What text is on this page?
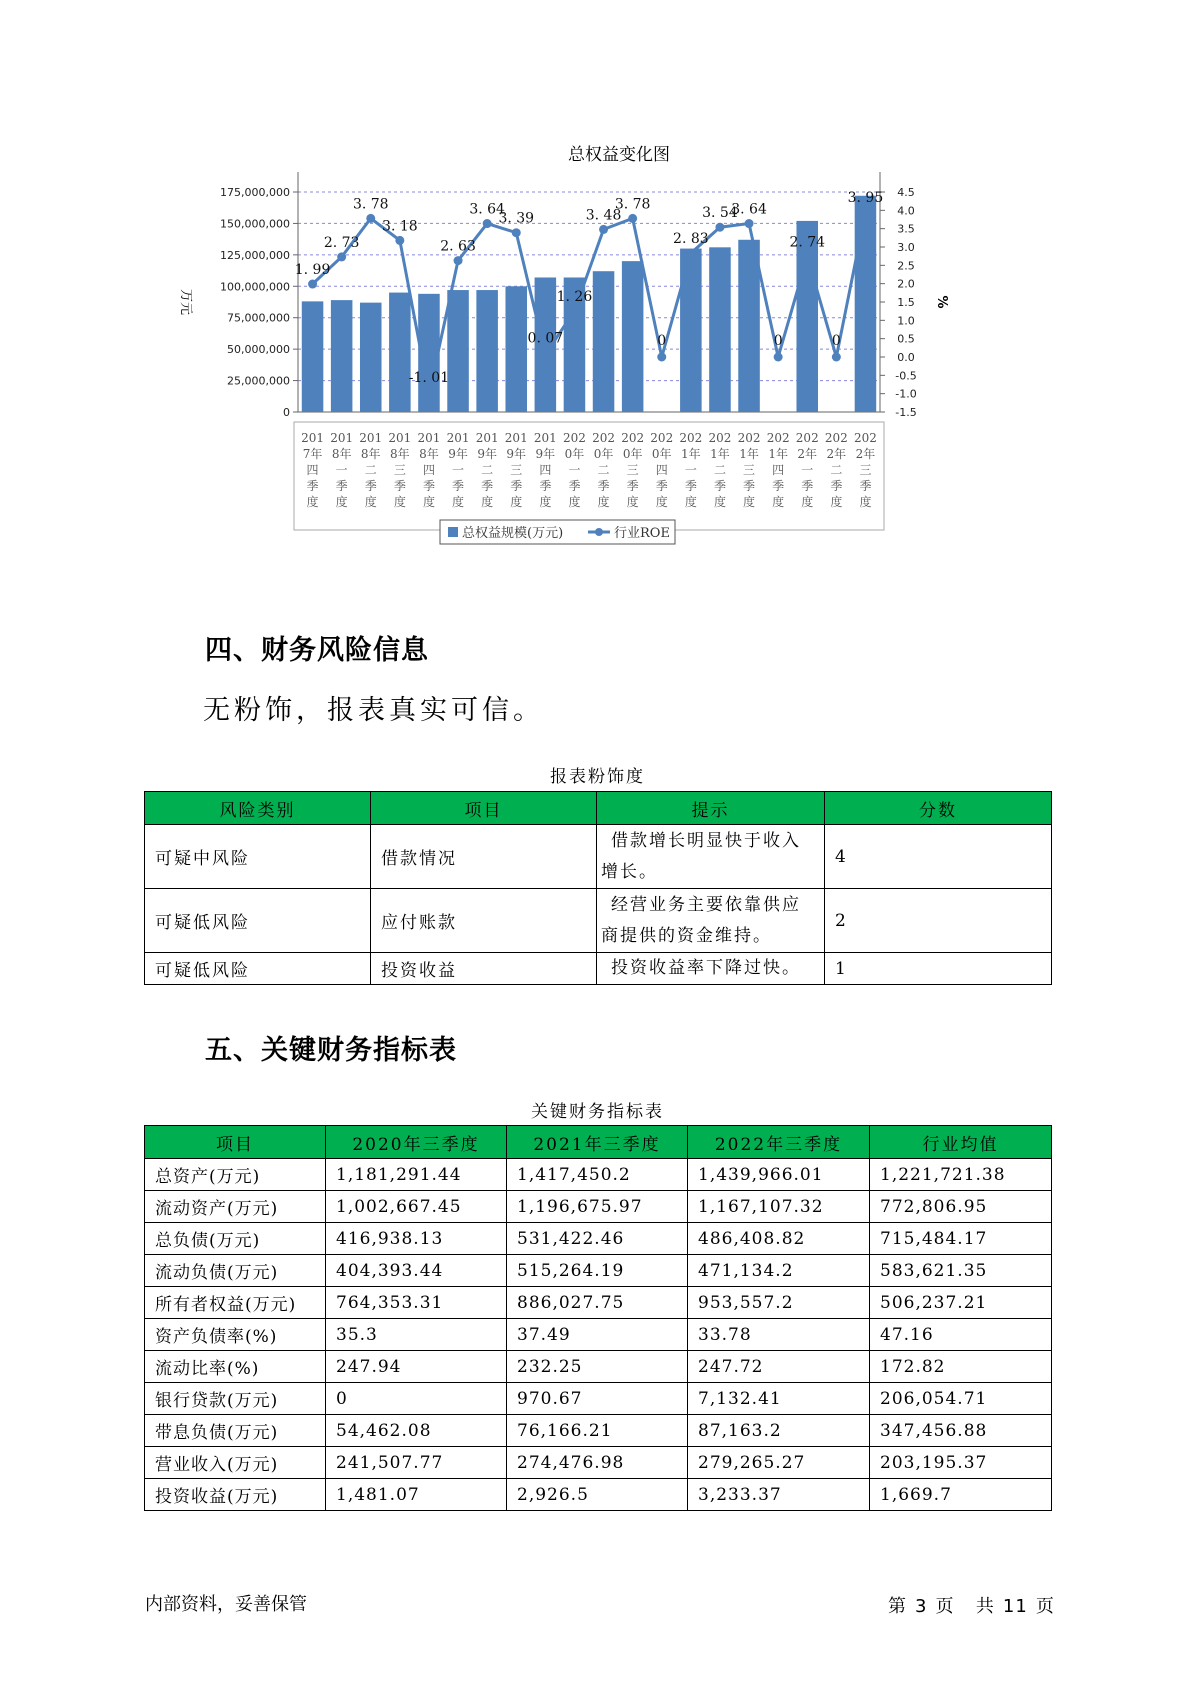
总权益变化图
0
25,000,000
50,000,000
75,000,000
100,000,000
125,000,000
150,000,000
175,000,000
-1.5
-1.0
-0.5
0.0
0.5
1.0
1.5
2.0
2.5
3.0
3.5
4.0
4.5
万元	%
201
7年
四
季
度
201
8年
一
季
度
201
8年
二
季
度
201
8年
三
季
度
201
8年
四
季
度
201
9年
一
季
度
201
9年
二
季
度
201
9年
三
季
度
201
9年
四
季
度
202
0年
一
季
度
202
0年
二
季
度
202
0年
三
季
度
202
0年
四
季
度
202
1年
一
季
度
202
1年
二
季
度
202
1年
三
季
度
202
1年
四
季
度
202
2年
一
季
度
202
2年
二
季
度
202
2年
三
季
度
1. 99
2. 73
3. 78
3. 18
-1. 01
2. 63
3. 64
3. 39
0. 07
1. 26
3. 48
3. 78
0
2. 83
3. 54
3. 64
0
2. 74
0
3. 95
总权益规模(万元)	行业ROE
四、财务风险信息
无粉饰，报表真实可信。
报表粉饰度
风险类别	项目	提示	分数
可疑中风险	借款情况	借款增长明显快于收入
增长。	4
可疑低风险	应付账款	经营业务主要依靠供应
商提供的资金维持。	2
可疑低风险	投资收益	投资收益率下降过快。	1
五、关键财务指标表
关键财务指标表
项目	2020年三季度	2021年三季度	2022年三季度	行业均值
总资产(万元)	1,181,291.44	1,417,450.2	1,439,966.01	1,221,721.38
流动资产(万元)	1,002,667.45	1,196,675.97	1,167,107.32	772,806.95
总负债(万元)	416,938.13	531,422.46	486,408.82	715,484.17
流动负债(万元)	404,393.44	515,264.19	471,134.2	583,621.35
所有者权益(万元)	764,353.31	886,027.75	953,557.2	506,237.21
资产负债率(%)	35.3	37.49	33.78	47.16
流动比率(%)	247.94	232.25	247.72	172.82
银行贷款(万元)	0	970.67	7,132.41	206,054.71
带息负债(万元)	54,462.08	76,166.21	87,163.2	347,456.88
营业收入(万元)	241,507.77	274,476.98	279,265.27	203,195.37
投资收益(万元)	1,481.07	2,926.5	3,233.37	1,669.7
内部资料，妥善保管	第 3 页 共 11 页
